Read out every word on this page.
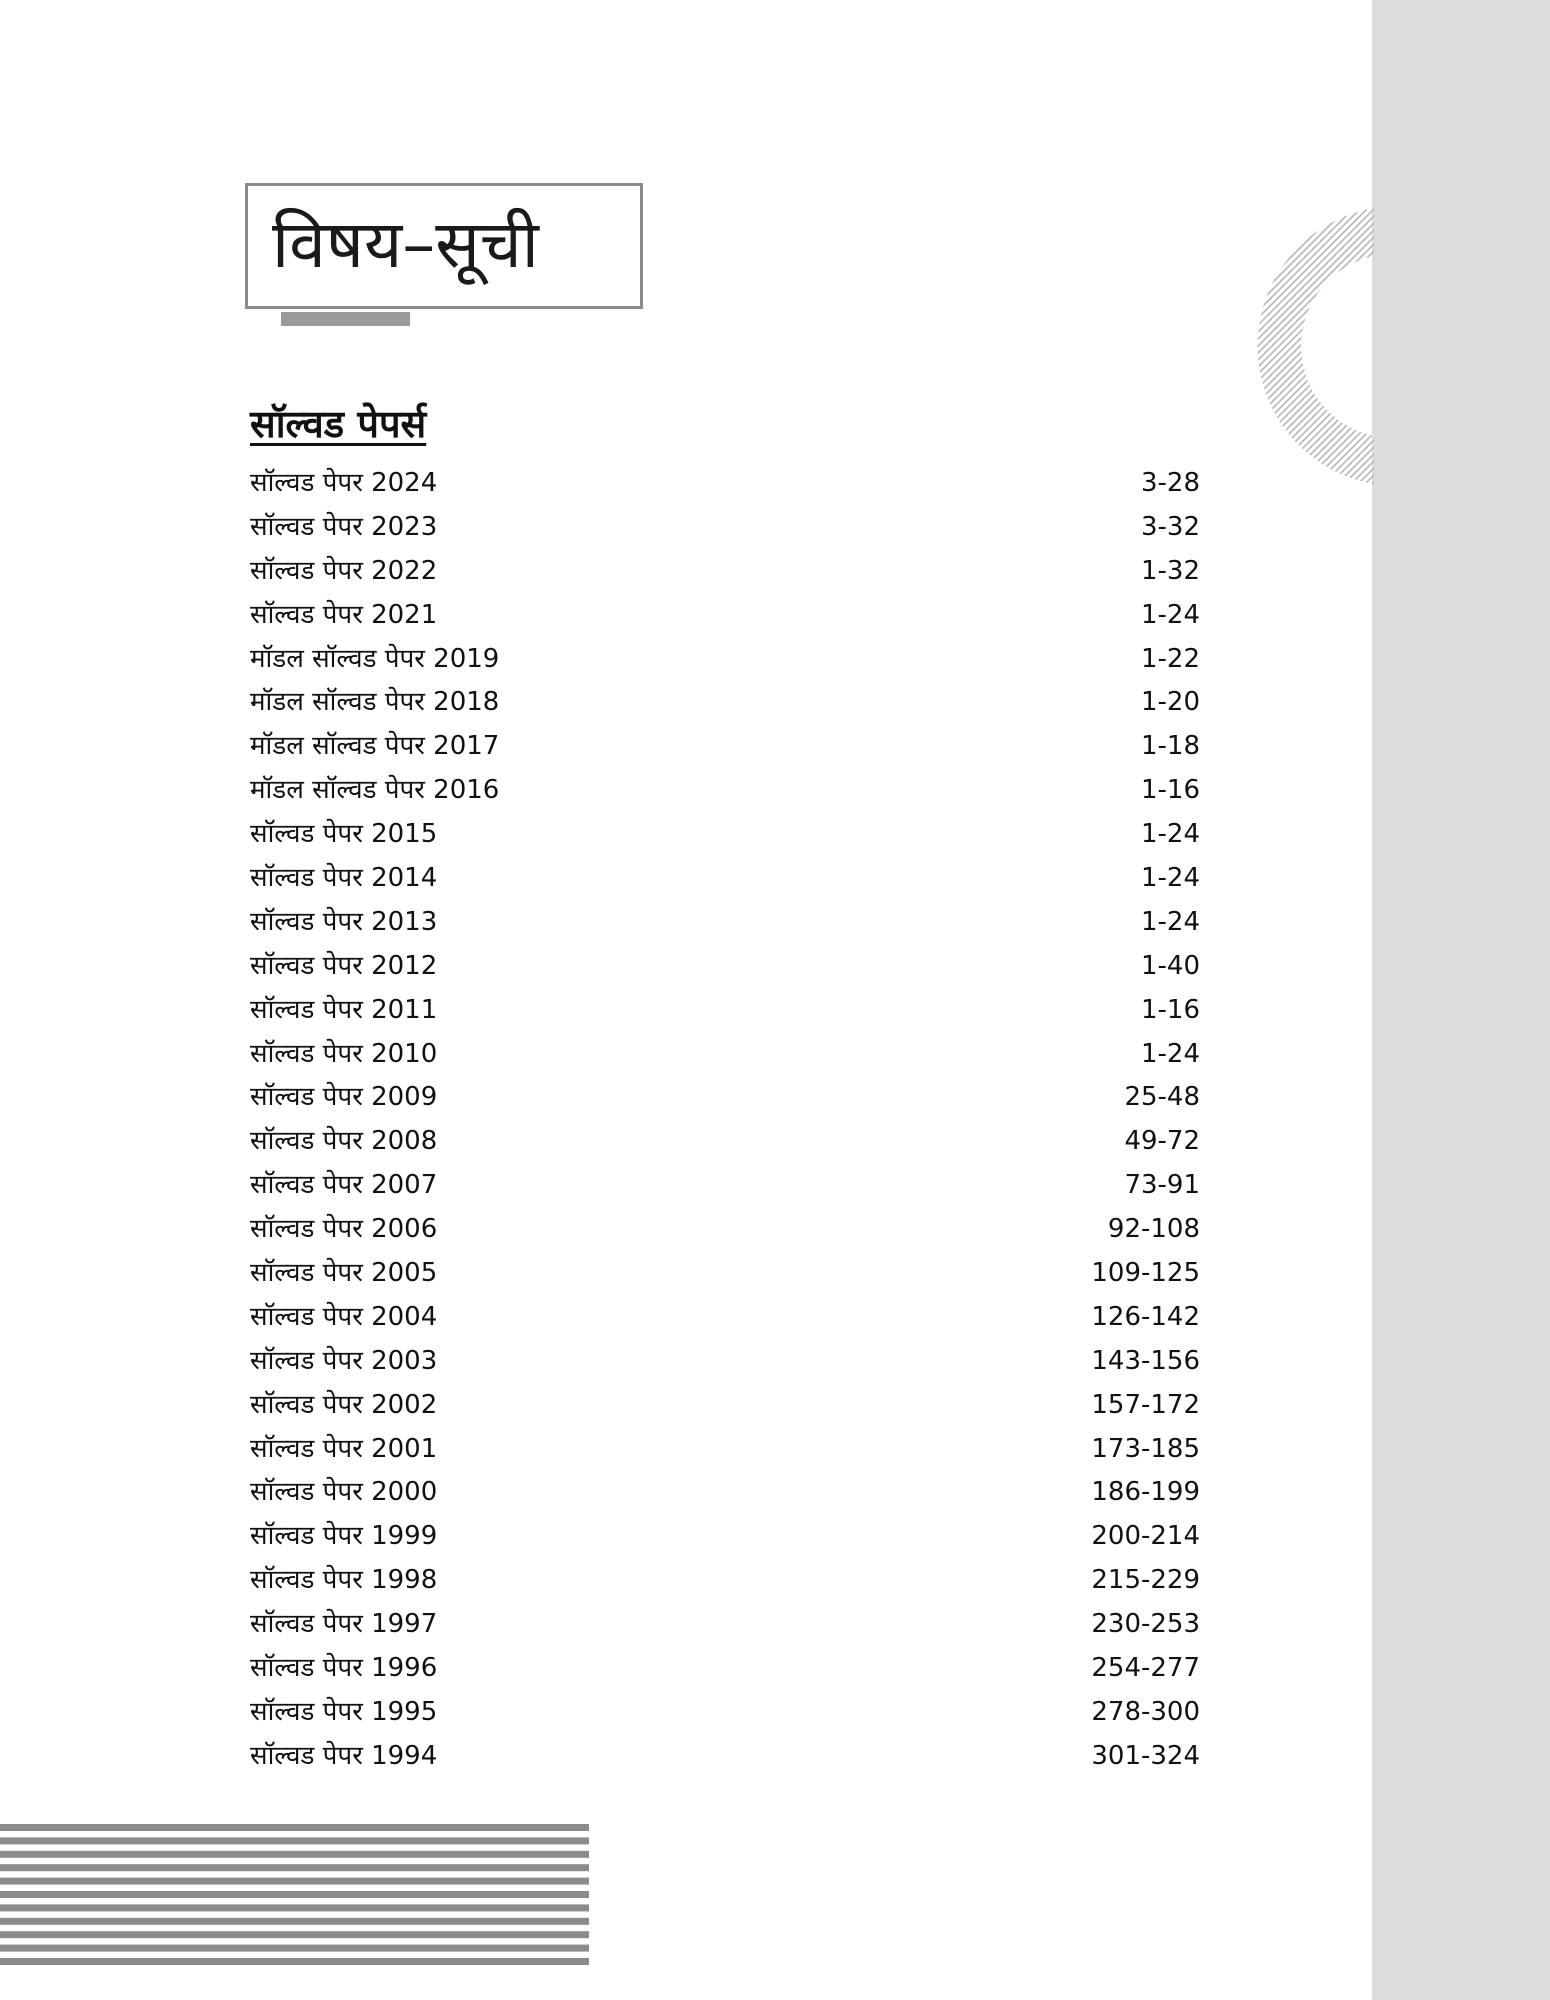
विषय–सूची
सॉल्वड पेपर्स
सॉल्वड पेपर 2024	3-28
सॉल्वड पेपर 2023	3-32
सॉल्वड पेपर 2022	1-32
सॉल्वड पेपर 2021	1-24
मॉडल सॉल्वड पेपर 2019	1-22
मॉडल सॉल्वड पेपर 2018	1-20
मॉडल सॉल्वड पेपर 2017	1-18
मॉडल सॉल्वड पेपर 2016	1-16
सॉल्वड पेपर 2015	1-24
सॉल्वड पेपर 2014	1-24
सॉल्वड पेपर 2013	1-24
सॉल्वड पेपर 2012	1-40
सॉल्वड पेपर 2011	1-16
सॉल्वड पेपर 2010	1-24
सॉल्वड पेपर 2009	25-48
सॉल्वड पेपर 2008	49-72
सॉल्वड पेपर 2007	73-91
सॉल्वड पेपर 2006	92-108
सॉल्वड पेपर 2005	109-125
सॉल्वड पेपर 2004	126-142
सॉल्वड पेपर 2003	143-156
सॉल्वड पेपर 2002	157-172
सॉल्वड पेपर 2001	173-185
सॉल्वड पेपर 2000	186-199
सॉल्वड पेपर 1999	200-214
सॉल्वड पेपर 1998	215-229
सॉल्वड पेपर 1997	230-253
सॉल्वड पेपर 1996	254-277
सॉल्वड पेपर 1995	278-300
सॉल्वड पेपर 1994	301-324
